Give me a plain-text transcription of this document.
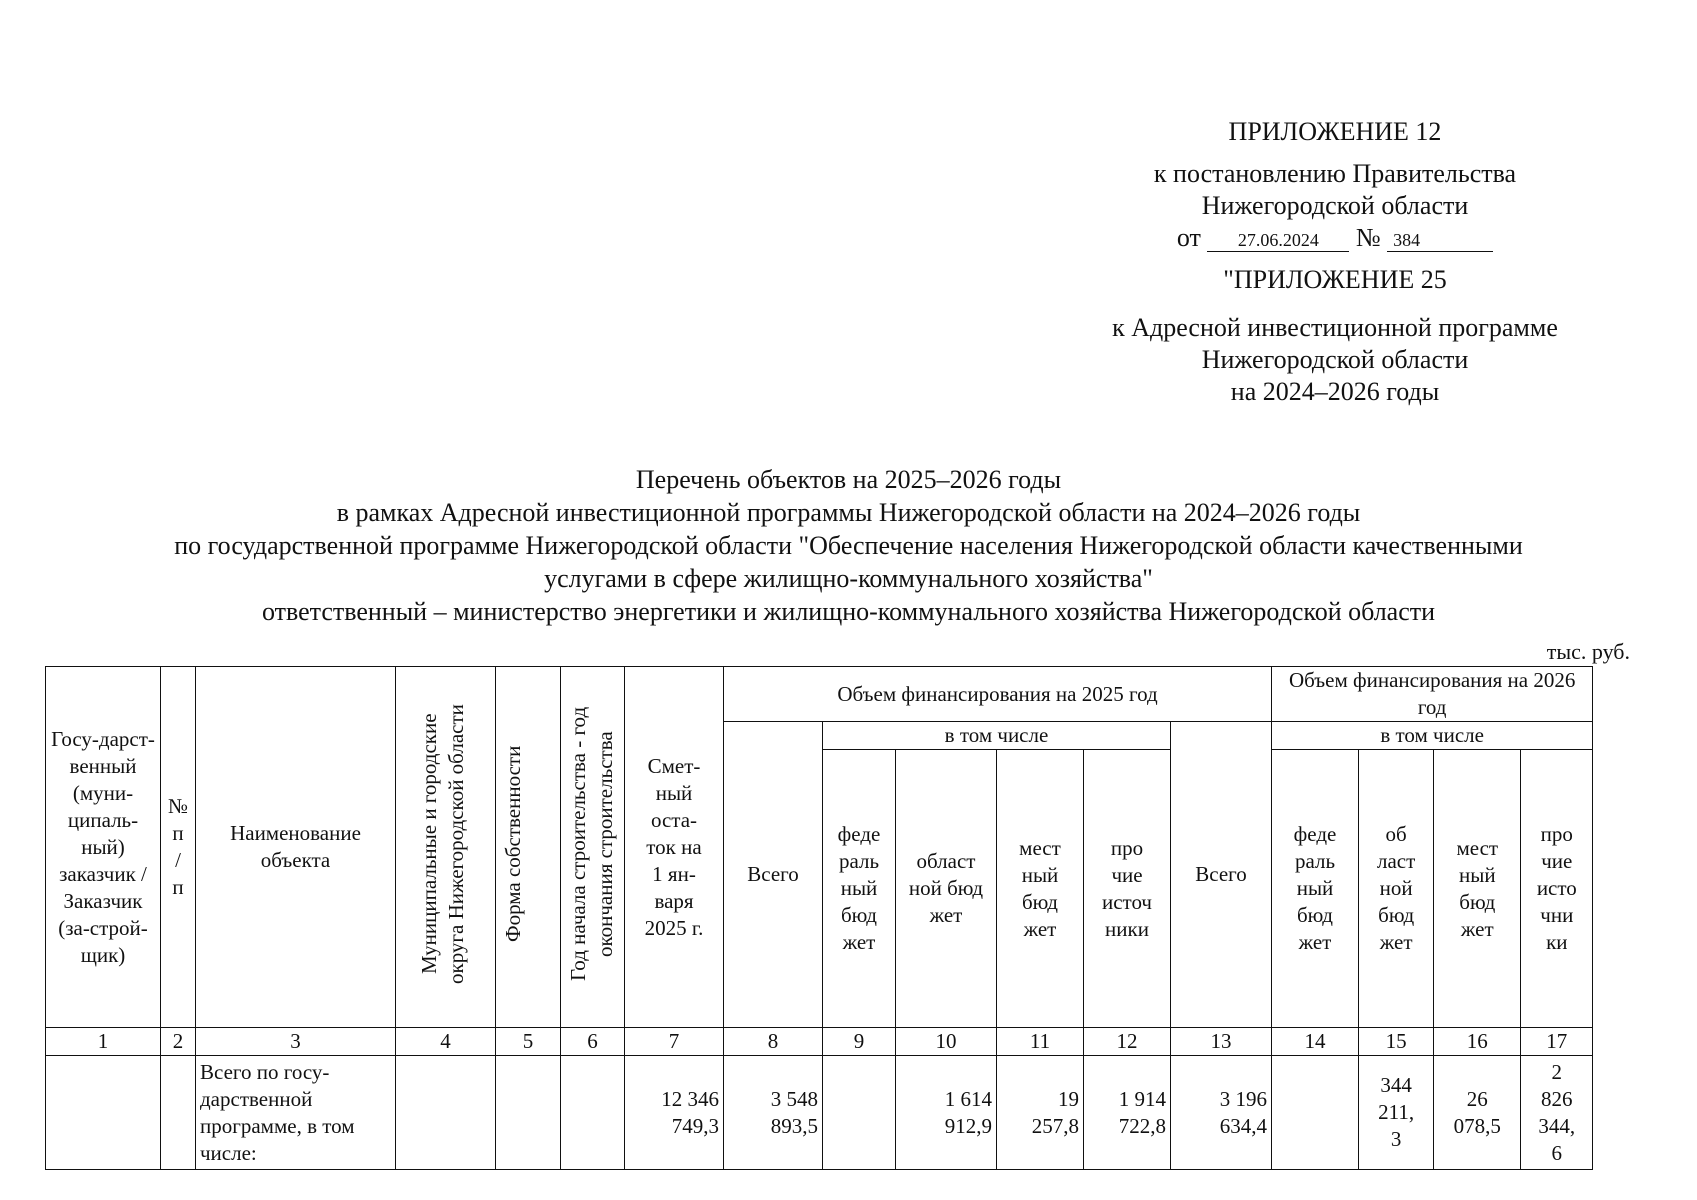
ПРИЛОЖЕНИЕ 12
к постановлению Правительства
Нижегородской области
от 27.06.2024 № 384
"ПРИЛОЖЕНИЕ 25
к Адресной инвестиционной программе
Нижегородской области
на 2024–2026 годы
Перечень объектов на 2025–2026 годы
в рамках Адресной инвестиционной программы Нижегородской области на 2024–2026 годы
по государственной программе Нижегородской области "Обеспечение населения Нижегородской области качественными
услугами в сфере жилищно-коммунального хозяйства"
ответственный – министерство энергетики и жилищно-коммунального хозяйства Нижегородской области
тыс. руб.
Госу-дарст-венный (муни-ципаль-ный) заказчик / Заказчик (за-строй-щик)	№ п / п	Наименование объекта	Муниципальные и городские округа Нижегородской области	Форма собственности	Год начала строительства - год окончания строительства	Смет-ный оста-ток на 1 ян-варя 2025 г.	Объем финансирования на 2025 год						Объем финансирования на 2026 год			
							Всего	в том числе				Всего	в том числе			
								феде раль ный бюд жет	област ной бюд жет	мест ный бюд жет	про чие источ ники		феде раль ный бюд жет	об ласт ной бюд жет	мест ный бюд жет	про чие исто чни ки
1	2	3	4	5	6	7	8	9	10	11	12	13	14	15	16	17
		Всего по госу-дарственной программе, в том числе:				12 346 749,3	3 548 893,5		1 614 912,9	19 257,8	1 914 722,8	3 196 634,4		344 211, 3	26 078,5	2 826 344, 6
